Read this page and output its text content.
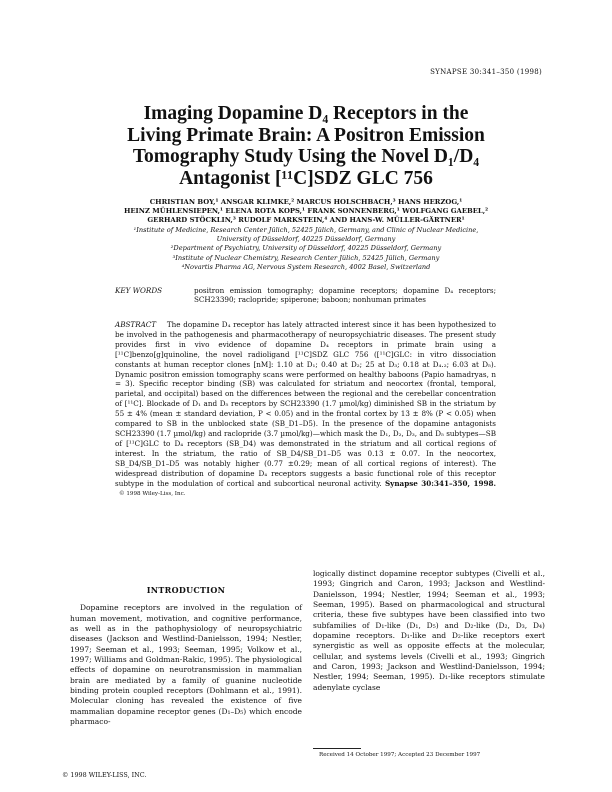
SYNAPSE 30:341–350 (1998)
Imaging Dopamine D₄ Receptors in the
Living Primate Brain: A Positron Emission
Tomography Study Using the Novel D₁/D₄
Antagonist [¹¹C]SDZ GLC 756
CHRISTIAN BOY,¹ ANSGAR KLIMKE,² MARCUS HOLSCHBACH,³ HANS HERZOG,¹
HEINZ MÜHLENSIEPEN,¹ ELENA ROTA KOPS,¹ FRANK SONNENBERG,¹ WOLFGANG GAEBEL,²
GERHARD STÖCKLIN,³ RUDOLF MARKSTEIN,⁴ AND HANS-W. MÜLLER-GÄRTNER¹
¹Institute of Medicine, Research Center Jülich, 52425 Jülich, Germany, and Clinic of Nuclear Medicine,
University of Düsseldorf, 40225 Düsseldorf, Germany
²Department of Psychiatry, University of Düsseldorf, 40225 Düsseldorf, Germany
³Institute of Nuclear Chemistry, Research Center Jülich, 52425 Jülich, Germany
⁴Novartis Pharma AG, Nervous System Research, 4002 Basel, Switzerland
KEY WORDS	positron emission tomography; dopamine receptors; dopamine D₄ receptors; SCH23390; raclopride; spiperone; baboon; nonhuman primates
ABSTRACT The dopamine D₄ receptor has lately attracted interest since it has been hypothesized to be involved in the pathogenesis and pharmacotherapy of neuropsychiatric diseases. The present study provides first in vivo evidence of dopamine D₄ receptors in primate brain using a [¹¹C]benzo[g]quinoline, the novel radioligand [¹¹C]SDZ GLC 756 ([¹¹C]GLC: in vitro dissociation constants at human receptor clones [nM]: 1.10 at D₁; 0.40 at D₂; 25 at D₃; 0.18 at D₄.₂; 6.03 at D₅). Dynamic positron emission tomography scans were performed on healthy baboons (Papio hamadryas, n = 3). Specific receptor binding (SB) was calculated for striatum and neocortex (frontal, temporal, parietal, and occipital) based on the differences between the regional and the cerebellar concentration of [¹¹C]. Blockade of D₁ and D₅ receptors by SCH23390 (1.7 µmol/kg) diminished SB in the striatum by 55 ± 4% (mean ± standard deviation, P < 0.05) and in the frontal cortex by 13 ± 8% (P < 0.05) when compared to SB in the unblocked state (SB_D1–D5). In the presence of the dopamine antagonists SCH23390 (1.7 µmol/kg) and raclopride (3.7 µmol/kg)—which mask the D₁, D₂, D₃, and D₅ subtypes—SB of [¹¹C]GLC to D₄ receptors (SB_D4) was demonstrated in the striatum and all cortical regions of interest. In the striatum, the ratio of SB_D4/SB_D1–D5 was 0.13 ± 0.07. In the neocortex, SB_D4/SB_D1–D5 was notably higher (0.77 ±0.29; mean of all cortical regions of interest). The widespread distribution of dopamine D₄ receptors suggests a basic functional role of this receptor subtype in the modulation of cortical and subcortical neuronal activity. Synapse 30:341–350, 1998. © 1998 Wiley-Liss, Inc.
INTRODUCTION

Dopamine receptors are involved in the regulation of human movement, motivation, and cognitive performance, as well as in the pathophysiology of neuropsychiatric diseases (Jackson and Westlind-Danielsson, 1994; Nestler, 1997; Seeman et al., 1993; Seeman, 1995; Volkow et al., 1997; Williams and Goldman-Rakic, 1995). The physiological effects of dopamine on neurotransmission in mammalian brain are mediated by a family of guanine nucleotide binding protein coupled receptors (Dohlmann et al., 1991). Molecular cloning has revealed the existence of five mammalian dopamine receptor genes (D₁–D₅) which encode pharmaco-

logically distinct dopamine receptor subtypes (Civelli et al., 1993; Gingrich and Caron, 1993; Jackson and Westlind-Danielsson, 1994; Nestler, 1994; Seeman et al., 1993; Seeman, 1995). Based on pharmacological and structural criteria, these five subtypes have been classified into two subfamilies of D₁-like (D₁, D₅) and D₂-like (D₂, D₃, D₄) dopamine receptors. D₁-like and D₂-like receptors exert synergistic as well as opposite effects at the molecular, cellular, and systems levels (Civelli et al., 1993; Gingrich and Caron, 1993; Jackson and Westlind-Danielsson, 1994; Nestler, 1994; Seeman, 1995). D₁-like receptors stimulate adenylate cyclase

Received 14 October 1997; Accepted 23 December 1997
© 1998 WILEY-LISS, INC.
